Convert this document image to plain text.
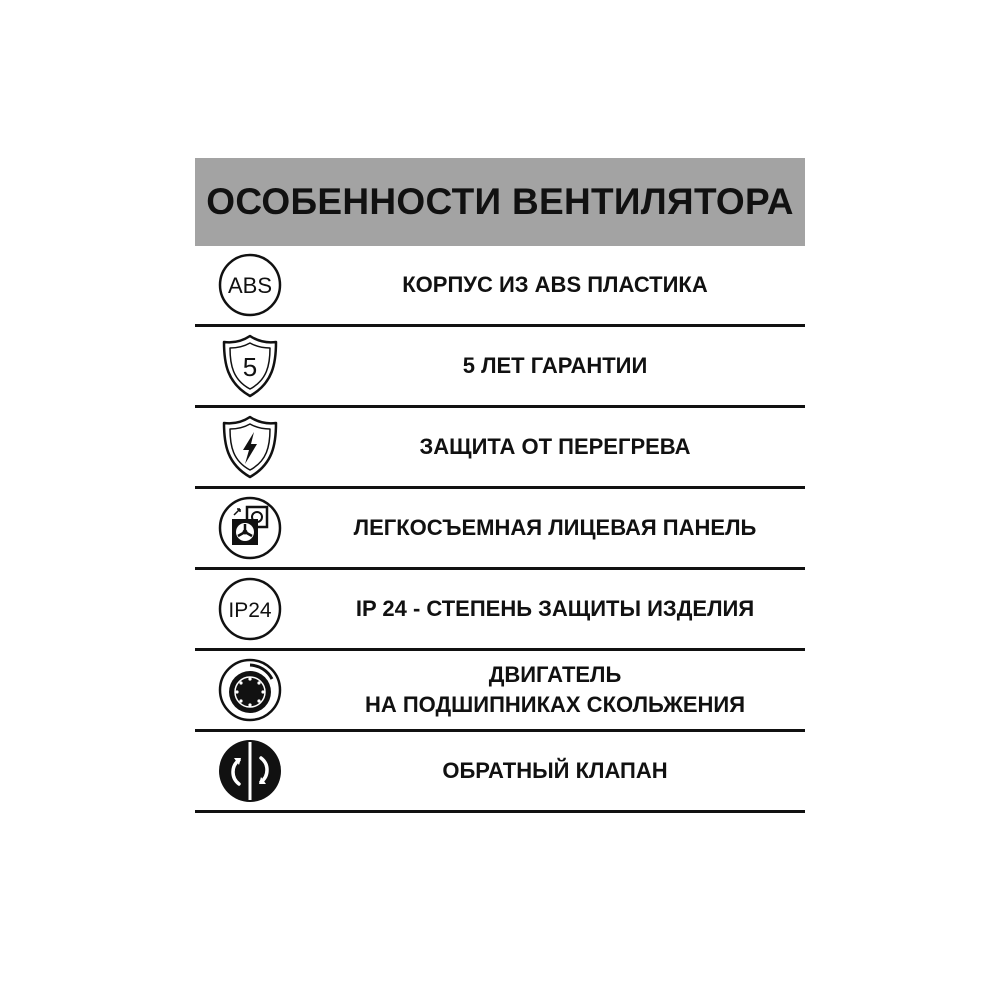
ОСОБЕННОСТИ ВЕНТИЛЯТОРА
ABS	КОРПУС ИЗ ABS ПЛАСТИКА
5	5 ЛЕТ ГАРАНТИИ
ЗАЩИТА ОТ ПЕРЕГРЕВА
ЛЕГКОСЪЕМНАЯ ЛИЦЕВАЯ ПАНЕЛЬ
IP24	IP 24 - СТЕПЕНЬ ЗАЩИТЫ ИЗДЕЛИЯ
ДВИГАТЕЛЬ
НА ПОДШИПНИКАХ СКОЛЬЖЕНИЯ
ОБРАТНЫЙ КЛАПАН
